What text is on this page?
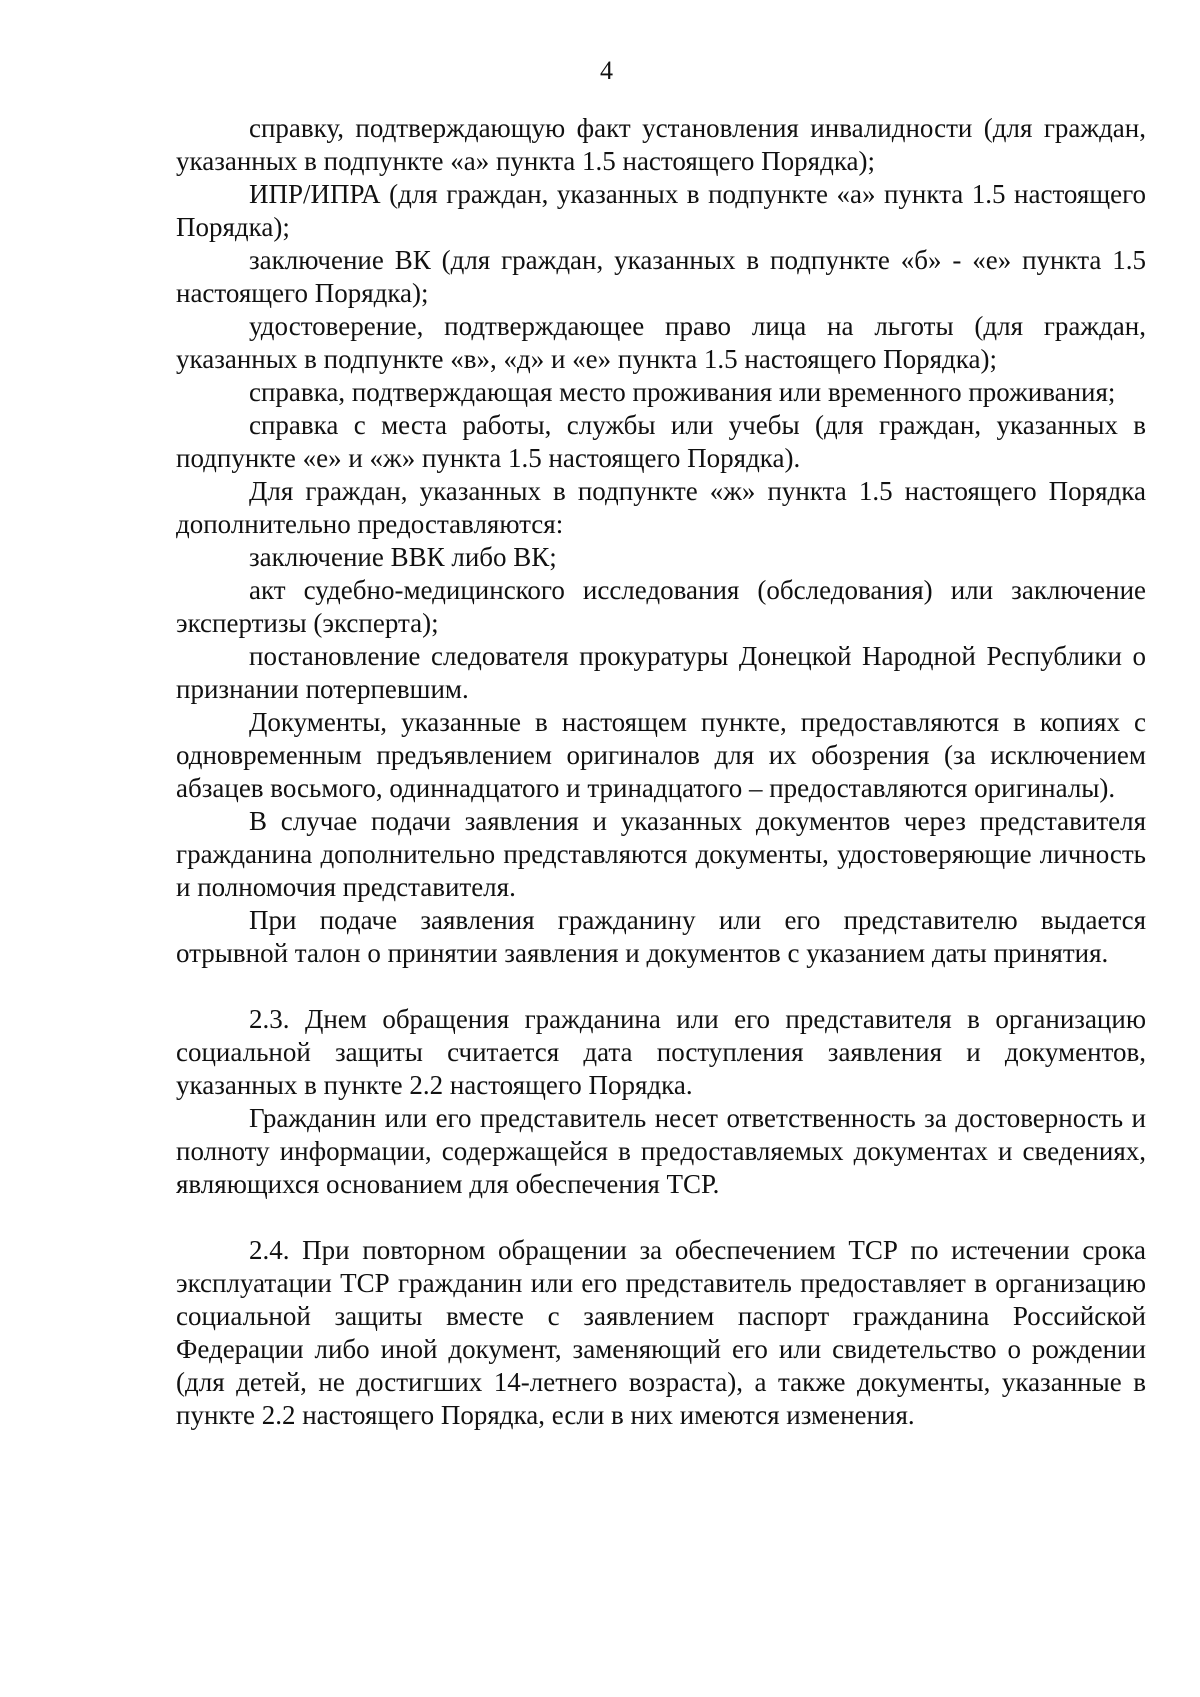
4

справку, подтверждающую факт установления инвалидности (для граждан, указанных в подпункте «а» пункта 1.5 настоящего Порядка);

ИПР/ИПРА (для граждан, указанных в подпункте «а» пункта 1.5 настоящего Порядка);

заключение ВК (для граждан, указанных в подпункте «б» - «е» пункта 1.5 настоящего Порядка);

удостоверение, подтверждающее право лица на льготы (для граждан, указанных в подпункте «в», «д» и «е» пункта 1.5 настоящего Порядка);

справка, подтверждающая место проживания или временного проживания;

справка с места работы, службы или учебы (для граждан, указанных в подпункте «е» и «ж» пункта 1.5 настоящего Порядка).

Для граждан, указанных в подпункте «ж» пункта 1.5 настоящего Порядка дополнительно предоставляются:

заключение ВВК либо ВК;

акт судебно-медицинского исследования (обследования) или заключение экспертизы (эксперта);

постановление следователя прокуратуры Донецкой Народной Республики о признании потерпевшим.

Документы, указанные в настоящем пункте, предоставляются в копиях с одновременным предъявлением оригиналов для их обозрения (за исключением абзацев восьмого, одиннадцатого и тринадцатого – предоставляются оригиналы).

В случае подачи заявления и указанных документов через представителя гражданина дополнительно представляются документы, удостоверяющие личность и полномочия представителя.

При подаче заявления гражданину или его представителю выдается отрывной талон о принятии заявления и документов с указанием даты принятия.

2.3. Днем обращения гражданина или его представителя в организацию социальной защиты считается дата поступления заявления и документов, указанных в пункте 2.2 настоящего Порядка.

Гражданин или его представитель несет ответственность за достоверность и полноту информации, содержащейся в предоставляемых документах и сведениях, являющихся основанием для обеспечения ТСР.

2.4. При повторном обращении за обеспечением ТСР по истечении срока эксплуатации ТСР гражданин или его представитель предоставляет в организацию социальной защиты вместе с заявлением паспорт гражданина Российской Федерации либо иной документ, заменяющий его или свидетельство о рождении (для детей, не достигших 14-летнего возраста), а также документы, указанные в пункте 2.2 настоящего Порядка, если в них имеются изменения.
